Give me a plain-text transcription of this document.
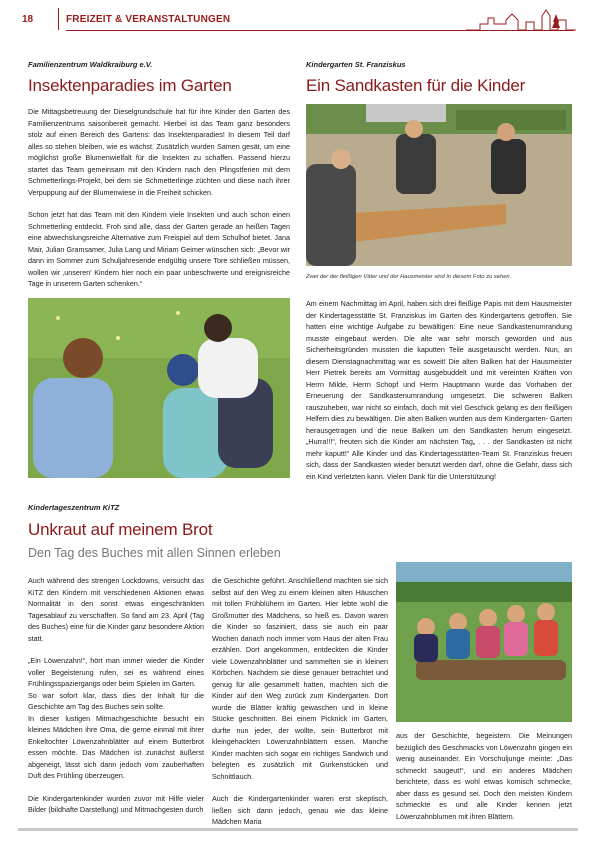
18	FREIZEIT & VERANSTALTUNGEN
Familienzentrum Waldkraiburg e.V.
Insektenparadies im Garten

Die Mittagsbetreuung der Dieselgrundschule hat für ihre Kinder den Garten des Familienzentrums saisonbereit gemacht. Hierbei ist das Team ganz besonders stolz auf einen Bereich des Gartens: das Insektenparadies! In diesem Teil darf alles so stehen bleiben, wie es wächst. Zusätzlich wurden Samen gesät, um eine möglichst große Blumenwielfalt für die Insekten zu schaffen. Passend hierzu startet das Team gemeinsam mit den Kindern nach den Pfingstferien mit dem Schmetterlings-Projekt, bei dem sie Schmetterlinge züchten und diese nach ihrer Verpuppung auf der Blumenwiese in die Freiheit schicken.

Schon jetzt hat das Team mit den Kindern viele Insekten und auch schon einen Schmetterling entdeckt. Froh sind alle, dass der Garten gerade an heißen Tagen eine abwechslungsreiche Alternative zum Freispiel auf dem Schulhof bietet. Jana Mair, Julian Gramsamer, Julia Lang und Miriam Geimer wünschen sich: „Bevor wir dann im Sommer zum Schuljahresende endgültig unsere Tore schließen müssen, wollen wir ‚unseren' Kindern hier noch ein paar unbeschwerte und ereignisreiche Tage in unserem Garten schenken.“

Kindergarten St. Franziskus
Ein Sandkasten für die Kinder
Zwei der der fleißigen Väter und der Hausmeister sind in diesem Foto zu sehen.

Am einem Nachmittag im April, haben sich drei fleißige Papis mit dem Hausmeister der Kindertagesstätte St. Franziskus im Garten des Kindergartens getroffen. Sie hatten eine wichtige Aufgabe zu bewältigen: Eine neue Sandkastenumrandung musste eingebaut werden. Die alte war sehr morsch geworden und aus Sicherheitsgründen mussten die kaputten Teile ausgetauscht werden. Nun, an diesem Dienstagnachmittag war es soweit! Die alten Balken hat der Hausmeister Herr Pietrek bereits am Vormittag ausgebuddelt und mit vereinten Kräften von Herrn Milde, Herrn Schopf und Herrn Hauptmann wurde das Vorhaben der Erneuerung der Sandkastenumrandung umgesetzt. Die schweren Balken rauszuheben, war nicht so einfach, doch mit viel Geschick gelang es den fleißigen Helfern dies zu bewältigen. Die alten Balken wurden aus dem Kindergarten- Garten herausgetragen und die neue Balken um den Sandkasten herum eingesetzt. „Hurra!!!“, freuten sich die Kinder am nächsten Tag„ . . . der Sandkasten ist nicht mehr kaputt!“ Alle Kinder und das Kindertagesstätten-Team St. Franziskus freuen sich, dass der Sandkasten wieder benutzt werden darf, ohne die Gefahr, dass sich ein Kind verletzten kann. Vielen Dank für die Unterstützung!

Kindertageszentrum KiTZ
Unkraut auf meinem Brot
Den Tag des Buches mit allen Sinnen erleben

Auch während des strengen Lockdowns, versucht das KiTZ den Kindern mit verschiedenen Aktionen etwas Normalität in den sonst etwas eingeschränkten Tagesablauf zu verschaffen. So fand am 23. April (Tag des Buches) eine für die Kinder ganz besondere Aktion statt.

„Ein Löwenzahn!“, hört man immer wieder die Kinder voller Begeisterung rufen, sei es während eines Frühlingsspaziergangs oder beim Spielen im Garten.
So war sofort klar, dass dies der Inhalt für die Geschichte am Tag des Buches sein sollte.
In dieser lustigen Mitmachgeschichte besucht ein kleines Mädchen ihre Oma, die gerne einmal mit ihrer Enkeltochter Löwenzahnblätter auf einem Butterbrot essen möchte. Das Mädchen ist zunächst äußerst abgeneigt, lässt sich dann jedoch vom zauberhaften Duft des Frühling überzeugen.

Die Kindergartenkinder wurden zuvor mit Hilfe vieler Bilder (bildhafte Darstellung) und Mitmachgesten durch

die Geschichte geführt. Anschließend machten sie sich selbst auf den Weg zu einem kleinen alten Häuschen mit tollen Frühblühern im Garten. Hier lebte wohl die Großmutter des Mädchens, so hieß es. Davon waren die Kinder so fasziniert, dass sie auch ein paar Wochen danach noch immer vom Haus der alten Frau erzählen. Dort angekommen, entdeckten die Kinder viele Löwenzahnblätter und sammelten sie in kleinen Körbchen. Nachdem sie diese genauer betrachtet und genug für alle gesammelt hatten, machten sich die Kinder auf den Weg zurück zum Kindergarten. Dort wurde die Blätter kräftig gewaschen und in kleine Stücke geschnitten. Bei einem Picknick im Garten, durfte nun jeder, der wollte, sein Butterbrot mit kleingehackten Löwenzahnblättern essen. Manche Kinder machten sich sogar ein richtiges Sandwich und belegten es zusätzlich mit Gurkenstücken und Schnittlauch.

Auch die Kindergartenkinder waren erst skeptisch, ließen sich dann jedoch, genau wie das kleine Mädchen Maria

aus der Geschichte, begeistern. Die Meinungen bezüglich des Geschmacks von Löwenzahn gingen ein wenig auseinander. Ein Vorschuljunge meinte: „Das schmeckt saugeut!“, und ein anderes Mädchen berichtete, dass es wohl etwas komisch schmecke, aber dass es gesund sei. Doch den meisten Kindern schmeckte es und alle Kinder kennen jetzt Löwenzahnblumen mit ihren Blättern.
